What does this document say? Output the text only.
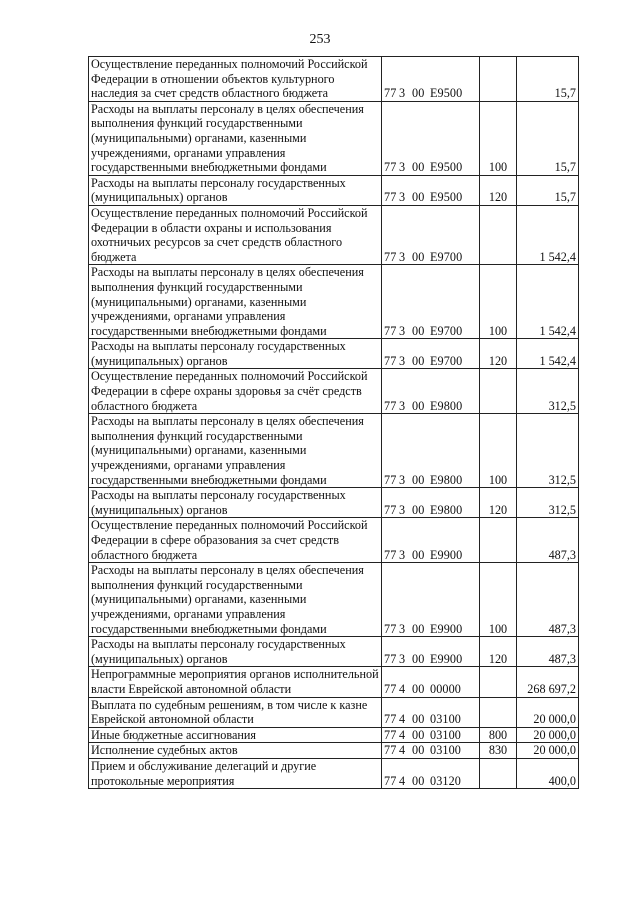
253
Осуществление переданных полномочий Российской Федерации в отношении объектов культурного наследия за счет средств областного бюджета	77 3 00 E9500		15,7
Расходы на выплаты персоналу в целях обеспечения выполнения функций государственными (муниципальными) органами, казенными учреждениями, органами управления государственными внебюджетными фондами	77 3 00 E9500	100	15,7
Расходы на выплаты персоналу государственных (муниципальных) органов	77 3 00 E9500	120	15,7
Осуществление переданных полномочий Российской Федерации в области охраны и использования охотничьих ресурсов за счет средств областного бюджета	77 3 00 E9700		1 542,4
Расходы на выплаты персоналу в целях обеспечения выполнения функций государственными (муниципальными) органами, казенными учреждениями, органами управления государственными внебюджетными фондами	77 3 00 E9700	100	1 542,4
Расходы на выплаты персоналу государственных (муниципальных) органов	77 3 00 E9700	120	1 542,4
Осуществление переданных полномочий Российской Федерации в сфере охраны здоровья за счёт средств областного бюджета	77 3 00 E9800		312,5
Расходы на выплаты персоналу в целях обеспечения выполнения функций государственными (муниципальными) органами, казенными учреждениями, органами управления государственными внебюджетными фондами	77 3 00 E9800	100	312,5
Расходы на выплаты персоналу государственных (муниципальных) органов	77 3 00 E9800	120	312,5
Осуществление переданных полномочий Российской Федерации в сфере образования за счет средств областного бюджета	77 3 00 E9900		487,3
Расходы на выплаты персоналу в целях обеспечения выполнения функций государственными (муниципальными) органами, казенными учреждениями, органами управления государственными внебюджетными фондами	77 3 00 E9900	100	487,3
Расходы на выплаты персоналу государственных (муниципальных) органов	77 3 00 E9900	120	487,3
Непрограммные мероприятия органов исполнительной власти Еврейской автономной области	77 4 00 00000		268 697,2
Выплата по судебным решениям, в том числе к казне Еврейской автономной области	77 4 00 03100		20 000,0
Иные бюджетные ассигнования	77 4 00 03100	800	20 000,0
Исполнение судебных актов	77 4 00 03100	830	20 000,0
Прием и обслуживание делегаций и другие протокольные мероприятия	77 4 00 03120		400,0
